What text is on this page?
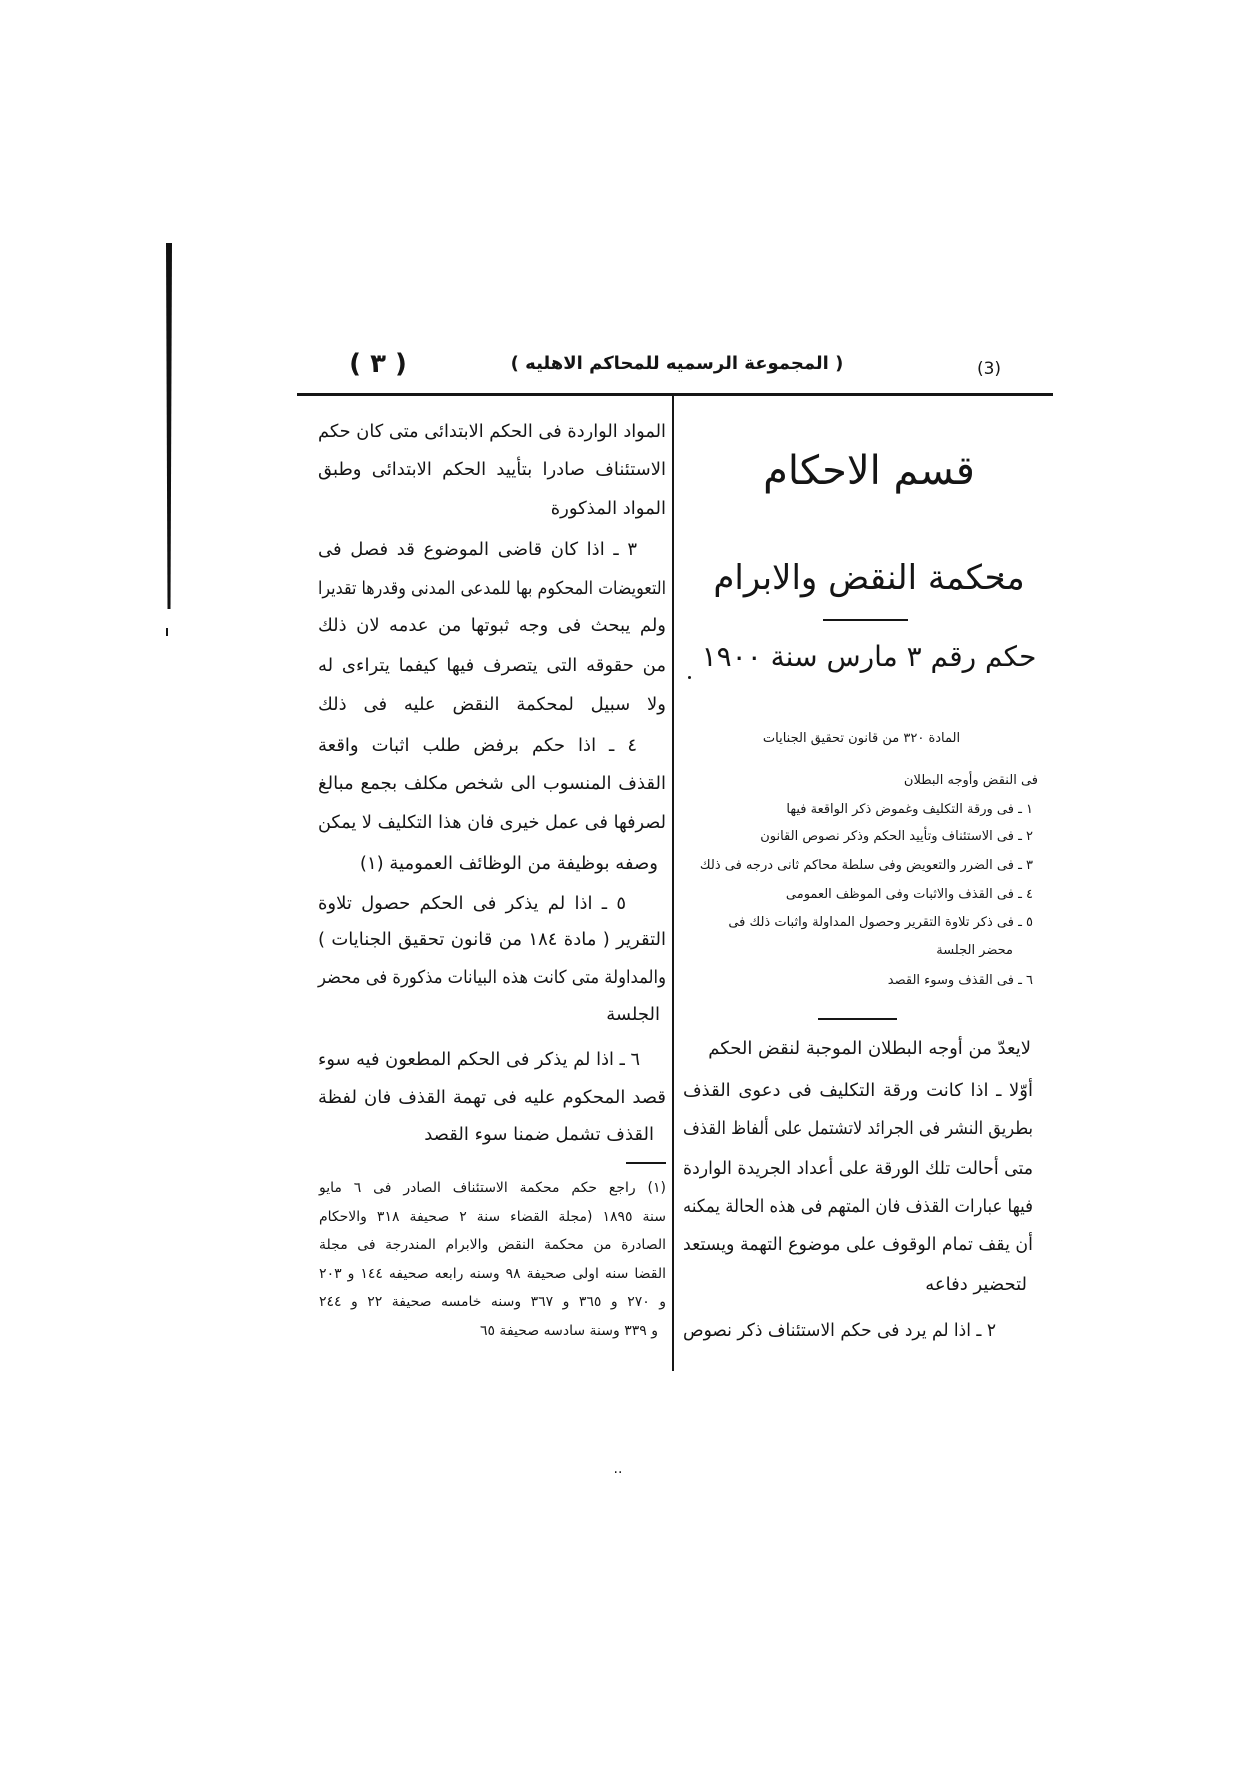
( ٣ )	( المجموعة الرسميه للمحاكم الاهليه )	(3)
قسم الاحكام
محكمة النقض والابرام
حكم رقم ٣ مارس سنة ١٩٠٠
المادة ٣٢٠ من قانون تحقيق الجنايات
فى النقض وأوجه البطلان
١ ـ فى ورقة التكليف وغموض ذكر الواقعة فيها
٢ ـ فى الاستئناف وتأييد الحكم وذكر نصوص القانون
٣ ـ فى الضرر والتعويض وفى سلطة محاكم ثانى درجه فى ذلك
٤ ـ فى القذف والاثبات وفى الموظف العمومى
٥ ـ فى ذكر تلاوة التقرير وحصول المداولة واثبات ذلك فى
محضر الجلسة
٦ ـ فى القذف وسوء القصد
لايعدّ من أوجه البطلان الموجبة لنقض الحكم
أوّلا ـ اذا كانت ورقة التكليف فى دعوى القذف
بطريق النشر فى الجرائد لاتشتمل على ألفاظ القذف
متى أحالت تلك الورقة على أعداد الجريدة الواردة
فيها عبارات القذف فان المتهم فى هذه الحالة يمكنه
أن يقف تمام الوقوف على موضوع التهمة ويستعد
لتحضير دفاعه
٢ ـ اذا لم يرد فى حكم الاستئناف ذكر نصوص
المواد الواردة فى الحكم الابتدائى متى كان حكم
الاستئناف صادرا بتأييد الحكم الابتدائى وطبق
المواد المذكورة
٣ ـ اذا كان قاضى الموضوع قد فصل فى
التعويضات المحكوم بها للمدعى المدنى وقدرها تقديرا
ولم يبحث فى وجه ثبوتها من عدمه لان ذلك
من حقوقه التى يتصرف فيها كيفما يتراءى له
ولا سبيل لمحكمة النقض عليه فى ذلك
٤ ـ اذا حكم برفض طلب اثبات واقعة
القذف المنسوب الى شخص مكلف بجمع مبالغ
لصرفها فى عمل خيرى فان هذا التكليف لا يمكن
وصفه بوظيفة من الوظائف العمومية (١)
٥ ـ اذا لم يذكر فى الحكم حصول تلاوة
التقرير ( مادة ١٨٤ من قانون تحقيق الجنايات )
والمداولة متى كانت هذه البيانات مذكورة فى محضر
الجلسة
٦ ـ اذا لم يذكر فى الحكم المطعون فيه سوء
قصد المحكوم عليه فى تهمة القذف فان لفظة
القذف تشمل ضمنا سوء القصد
(١) راجع حكم محكمة الاستئناف الصادر فى ٦ مايو
سنة ١٨٩٥ (مجلة القضاء سنة ٢ صحيفة ٣١٨ والاحكام
الصادرة من محكمة النقض والابرام المندرجة فى مجلة
القضا سنه اولى صحيفة ٩٨ وسنه رابعه صحيفه ١٤٤ و ٢٠٣
و ٢٧٠ و ٣٦٥ و ٣٦٧ وسنه خامسه صحيفة ٢٢ و ٢٤٤
و ٣٣٩ وسنة سادسه صحيفة ٦٥
..
